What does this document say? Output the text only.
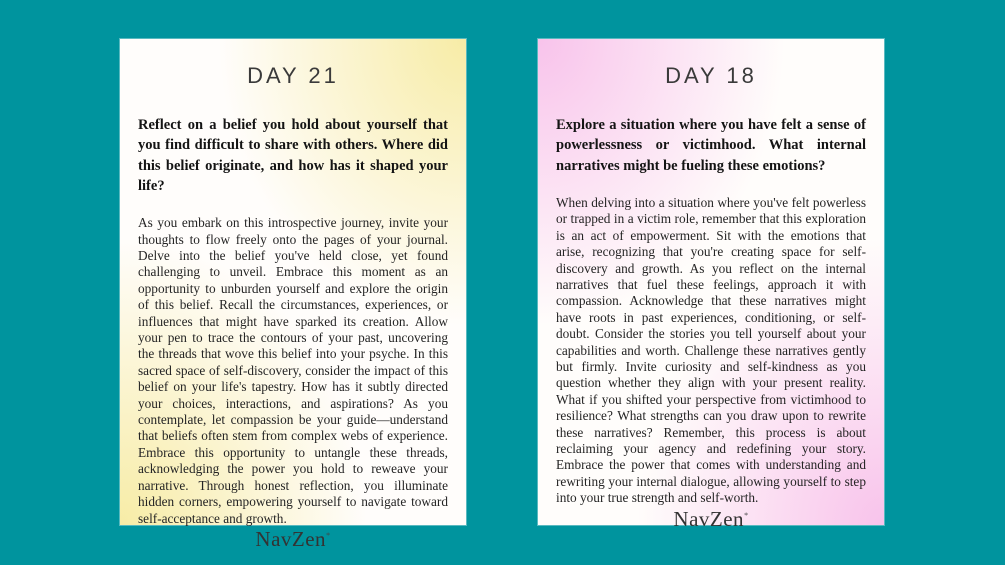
DAY 21
Reflect on a belief you hold about yourself that you find difficult to share with others. Where did this belief originate, and how has it shaped your life?
As you embark on this introspective journey, invite your thoughts to flow freely onto the pages of your journal. Delve into the belief you've held close, yet found challenging to unveil. Embrace this moment as an opportunity to unburden yourself and explore the origin of this belief. Recall the circumstances, experiences, or influences that might have sparked its creation. Allow your pen to trace the contours of your past, uncovering the threads that wove this belief into your psyche. In this sacred space of self-discovery, consider the impact of this belief on your life's tapestry. How has it subtly directed your choices, interactions, and aspirations? As you contemplate, let compassion be your guide—understand that beliefs often stem from complex webs of experience. Embrace this opportunity to untangle these threads, acknowledging the power you hold to reweave your narrative. Through honest reflection, you illuminate hidden corners, empowering yourself to navigate toward self-acceptance and growth.
NavZen*
DAY 18
Explore a situation where you have felt a sense of powerlessness or victimhood. What internal narratives might be fueling these emotions?
When delving into a situation where you've felt powerless or trapped in a victim role, remember that this exploration is an act of empowerment. Sit with the emotions that arise, recognizing that you're creating space for self-discovery and growth. As you reflect on the internal narratives that fuel these feelings, approach it with compassion. Acknowledge that these narratives might have roots in past experiences, conditioning, or self-doubt. Consider the stories you tell yourself about your capabilities and worth. Challenge these narratives gently but firmly. Invite curiosity and self-kindness as you question whether they align with your present reality. What if you shifted your perspective from victimhood to resilience? What strengths can you draw upon to rewrite these narratives? Remember, this process is about reclaiming your agency and redefining your story. Embrace the power that comes with understanding and rewriting your internal dialogue, allowing yourself to step into your true strength and self-worth.
NavZen*
